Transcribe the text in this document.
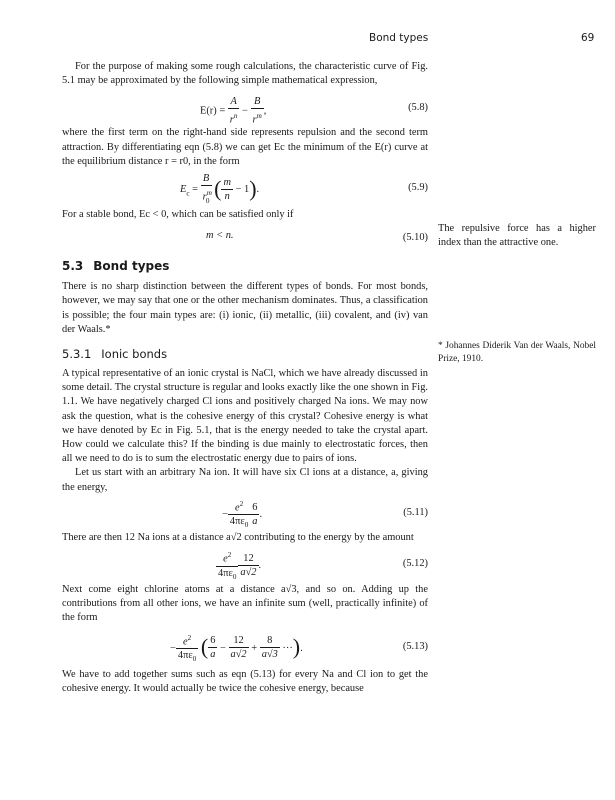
Bond types	69

For the purpose of making some rough calculations, the characteristic curve of Fig. 5.1 may be approximated by the following simple mathematical expression,

$E(r) = \frac{A}{r^n} - \frac{B}{r^m}$ ,	(5.8)

where the first term on the right-hand side represents repulsion and the second term attraction. By differentiating eqn (5.8) we can get Ec the minimum of the E(r) curve at the equilibrium distance r = r0, in the form

$E_c = \frac{B}{r^m_0}$ ( $\frac{m}{n} - 1$).	(5.9)

For a stable bond, Ec < 0, which can be satisfied only if

m < n.	(5.10)
5.3 Bond types

There is no sharp distinction between the different types of bonds. For most bonds, however, we may say that one or the other mechanism dominates. Thus, a classification is possible; the four main types are: (i) ionic, (ii) metallic, (iii) covalent, and (iv) van der Waals.*

5.3.1 Ionic bonds

A typical representative of an ionic crystal is NaCl, which we have already discussed in some detail. The crystal structure is regular and looks exactly like the one shown in Fig. 1.1. We have negatively charged Cl ions and positively charged Na ions. We may now ask the question, what is the cohesive energy of this crystal? Cohesive energy is what we have denoted by Ec in Fig. 5.1, that is the energy needed to take the crystal apart. How could we calculate this? If the binding is due mainly to electrostatic forces, then all we need to do is to sum the electrostatic energy due to pairs of ions.

Let us start with an arbitrary Na ion. It will have six Cl ions at a distance, a, giving the energy,

− $\frac{e^2}{4\pi\varepsilon_0} \frac{6}{a}$ .	(5.11)

There are then 12 Na ions at a distance a√2 contributing to the energy by the amount

$\frac{e^2}{4\pi\varepsilon_0} \frac{12}{a√2}$ .	(5.12)

Next come eight chlorine atoms at a distance a√3, and so on. Adding up the contributions from all other ions, we have an infinite sum (well, practically infinite) of the form

− $\frac{e^2}{4\pi\varepsilon_0}$ ( $\frac{6}{a} - \frac{12}{a√2} + \frac{8}{a√3}$ ···).	(5.13)

We have to add together sums such as eqn (5.13) for every Na and Cl ion to get the cohesive energy. It would actually be twice the cohesive energy, because

The repulsive force has a higher index than the attractive one.
* Johannes Diderik Van der Waals, Nobel Prize, 1910.
